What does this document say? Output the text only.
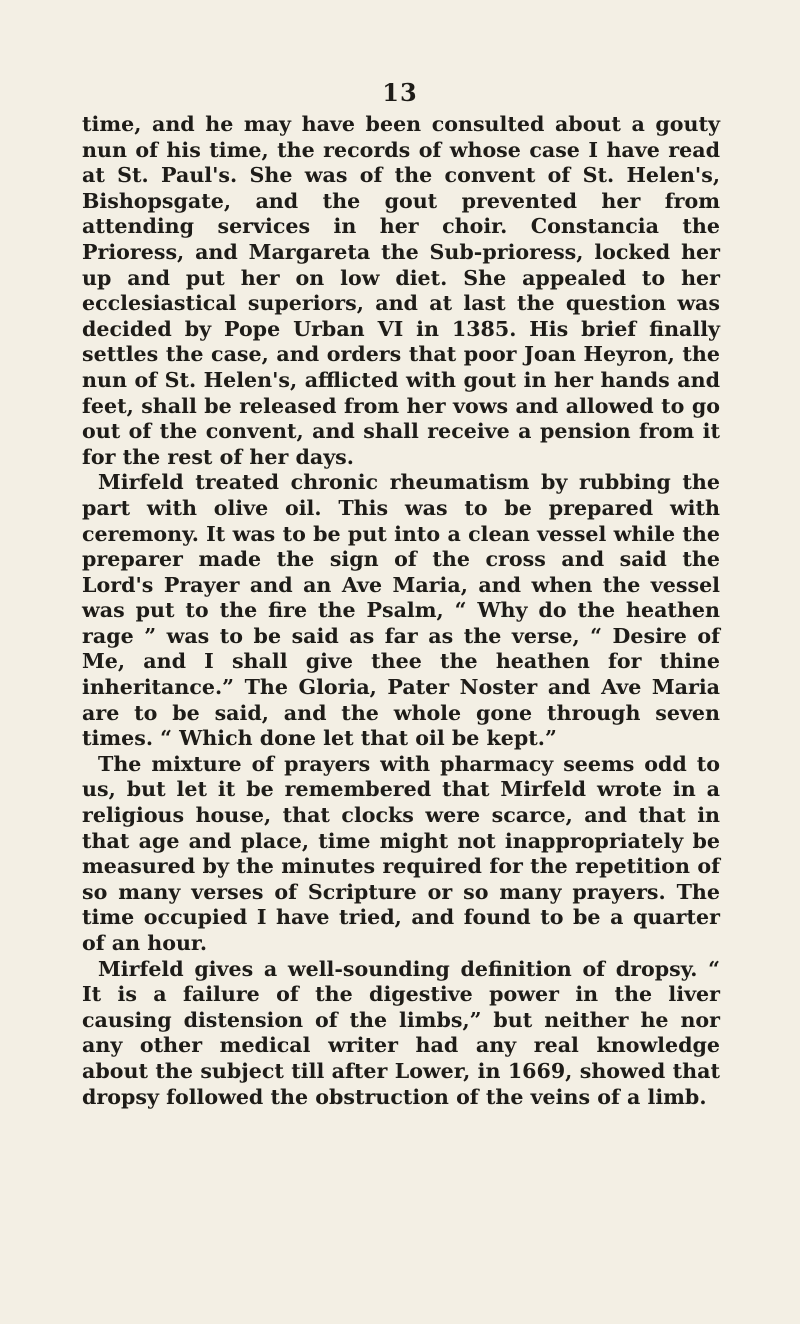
13

time, and he may have been consulted about a gouty nun of his time, the records of whose case I have read at St. Paul's. She was of the convent of St. Helen's, Bishopsgate, and the gout prevented her from attending services in her choir. Constancia the Prioress, and Margareta the Sub-prioress, locked her up and put her on low diet. She appealed to her ecclesiastical superiors, and at last the question was decided by Pope Urban VI in 1385. His brief finally settles the case, and orders that poor Joan Heyron, the nun of St. Helen's, afflicted with gout in her hands and feet, shall be released from her vows and allowed to go out of the convent, and shall receive a pension from it for the rest of her days.

Mirfeld treated chronic rheumatism by rubbing the part with olive oil. This was to be prepared with ceremony. It was to be put into a clean vessel while the preparer made the sign of the cross and said the Lord's Prayer and an Ave Maria, and when the vessel was put to the fire the Psalm, “ Why do the heathen rage ” was to be said as far as the verse, “ Desire of Me, and I shall give thee the heathen for thine inheritance.” The Gloria, Pater Noster and Ave Maria are to be said, and the whole gone through seven times. “ Which done let that oil be kept.”

The mixture of prayers with pharmacy seems odd to us, but let it be remembered that Mirfeld wrote in a religious house, that clocks were scarce, and that in that age and place, time might not inappropriately be measured by the minutes required for the repetition of so many verses of Scripture or so many prayers. The time occupied I have tried, and found to be a quarter of an hour.

Mirfeld gives a well-sounding definition of dropsy. “ It is a failure of the digestive power in the liver causing distension of the limbs,” but neither he nor any other medical writer had any real knowledge about the subject till after Lower, in 1669, showed that dropsy followed the obstruction of the veins of a limb.
